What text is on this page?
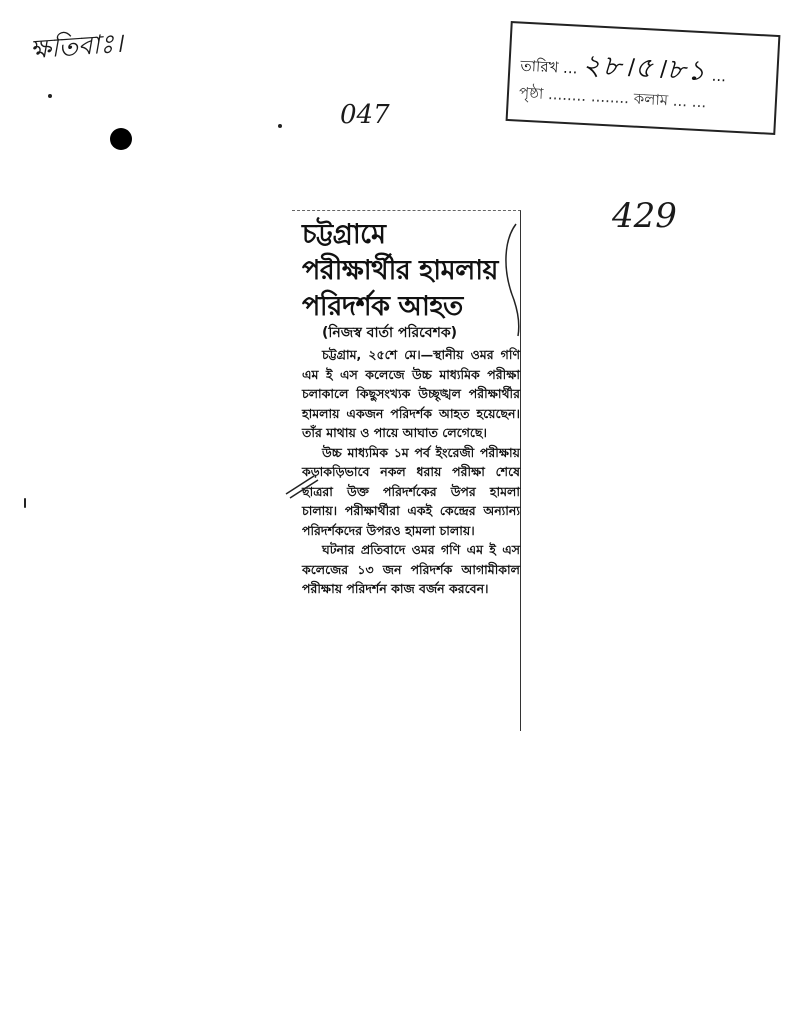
ক্ষতিবাঃ।
047
তারিখ ... ২৮।৫।৮১ ...
পৃষ্ঠা ........ ........ কলাম ... ...
429
চট্টগ্রামে পরীক্ষার্থীর হামলায় পরিদর্শক আহত
(নিজস্ব বার্তা পরিবেশক)

চট্টগ্রাম, ২৫শে মে।—স্থানীয় ওমর গণি এম ই এস কলেজে উচ্চ মাধ্যমিক পরীক্ষা চলাকালে কিছুসংখ্যক উচ্ছৃঙ্খল পরীক্ষার্থীর হামলায় একজন পরিদর্শক আহত হয়েছেন। তাঁর মাথায় ও পায়ে আঘাত লেগেছে।

উচ্চ মাধ্যমিক ১ম পর্ব ইংরেজী পরীক্ষায় কড়াকড়িভাবে নকল ধরায় পরীক্ষা শেষে ছাত্ররা উক্ত পরিদর্শকের উপর হামলা চালায়। পরীক্ষার্থীরা একই কেন্দ্রের অন্যান্য পরিদর্শকদের উপরও হামলা চালায়।

ঘটনার প্রতিবাদে ওমর গণি এম ই এস কলেজের ১৩ জন পরিদর্শক আগামীকাল পরীক্ষায় পরিদর্শন কাজ বর্জন করবেন।
